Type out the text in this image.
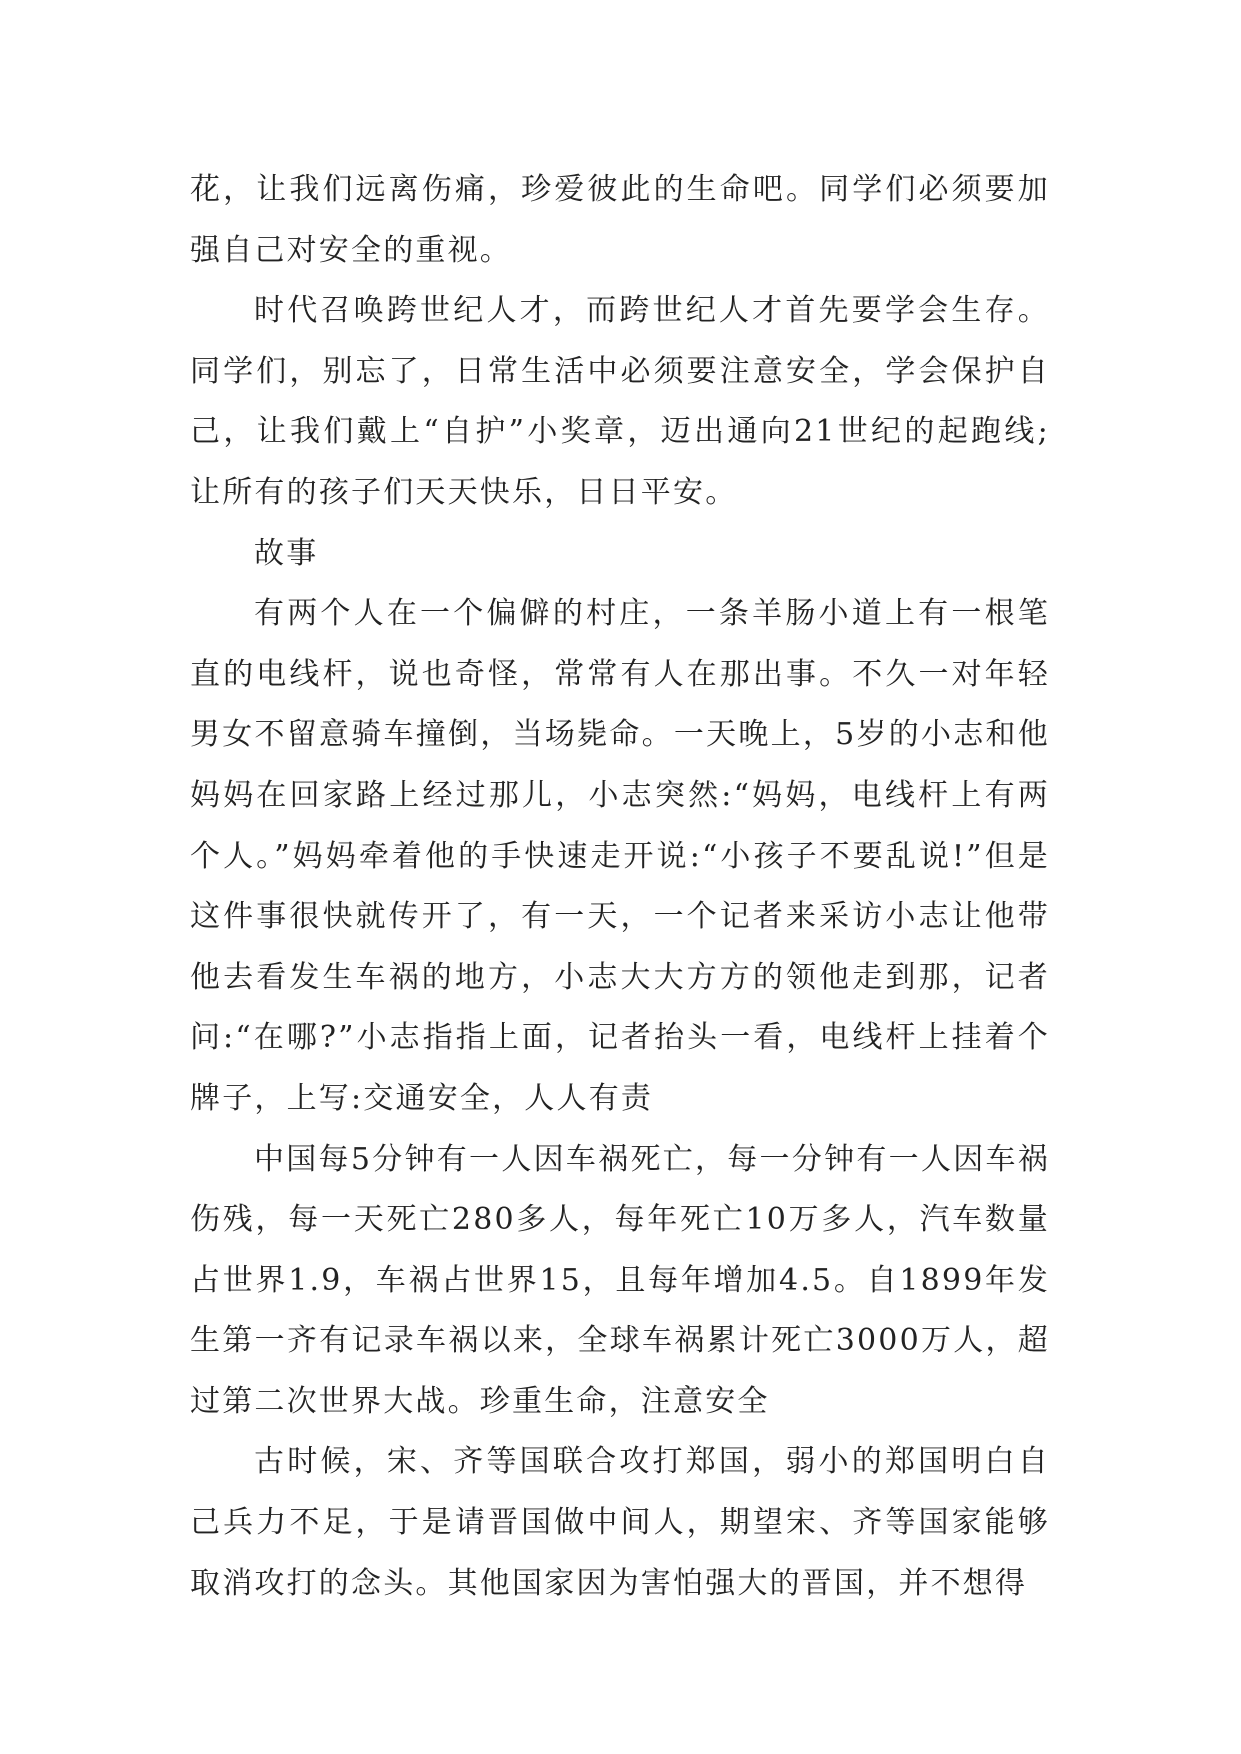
花，让我们远离伤痛，珍爱彼此的生命吧。同学们必须要加强自己对安全的重视。

时代召唤跨世纪人才，而跨世纪人才首先要学会生存。同学们，别忘了，日常生活中必须要注意安全，学会保护自己，让我们戴上“自护”小奖章，迈出通向21世纪的起跑线;让所有的孩子们天天快乐，日日平安。

故事

有两个人在一个偏僻的村庄，一条羊肠小道上有一根笔直的电线杆，说也奇怪，常常有人在那出事。不久一对年轻男女不留意骑车撞倒，当场毙命。一天晚上，5岁的小志和他妈妈在回家路上经过那儿，小志突然:“妈妈，电线杆上有两个人。”妈妈牵着他的手快速走开说:“小孩子不要乱说!”但是这件事很快就传开了，有一天，一个记者来采访小志让他带他去看发生车祸的地方，小志大大方方的领他走到那，记者问:“在哪?”小志指指上面，记者抬头一看，电线杆上挂着个牌子，上写:交通安全，人人有责

中国每5分钟有一人因车祸死亡，每一分钟有一人因车祸伤残，每一天死亡280多人，每年死亡10万多人，汽车数量占世界1.9，车祸占世界15，且每年增加4.5。自1899年发生第一齐有记录车祸以来，全球车祸累计死亡3000万人，超过第二次世界大战。珍重生命，注意安全

古时候，宋、齐等国联合攻打郑国，弱小的郑国明白自己兵力不足，于是请晋国做中间人，期望宋、齐等国家能够取消攻打的念头。其他国家因为害怕强大的晋国，并不想得
